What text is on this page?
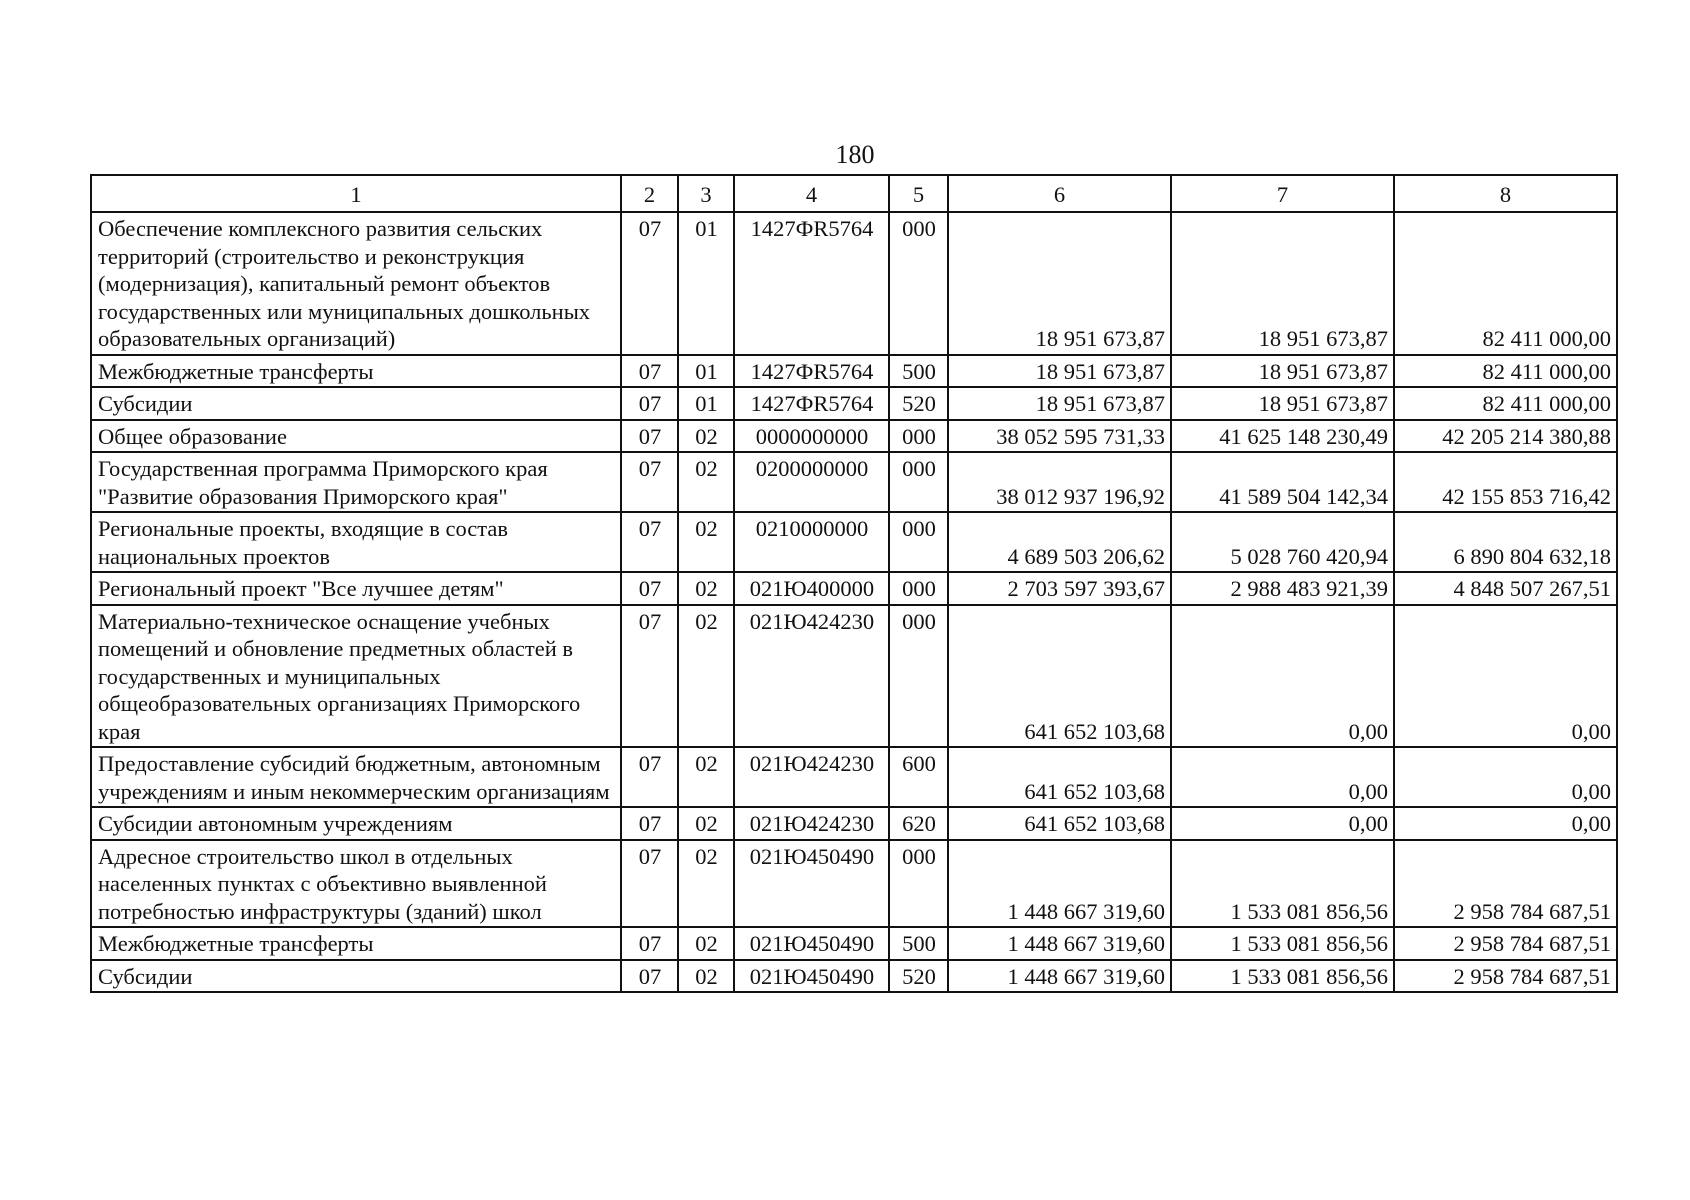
180
1	2	3	4	5	6	7	8
Обеспечение комплексного развития сельских территорий (строительство и реконструкция (модернизация), капитальный ремонт объектов государственных или муниципальных дошкольных образовательных организаций)	07	01	1427ФR5764	000	18 951 673,87	18 951 673,87	82 411 000,00
Межбюджетные трансферты	07	01	1427ФR5764	500	18 951 673,87	18 951 673,87	82 411 000,00
Субсидии	07	01	1427ФR5764	520	18 951 673,87	18 951 673,87	82 411 000,00
Общее образование	07	02	0000000000	000	38 052 595 731,33	41 625 148 230,49	42 205 214 380,88
Государственная программа Приморского края "Развитие образования Приморского края"	07	02	0200000000	000	38 012 937 196,92	41 589 504 142,34	42 155 853 716,42
Региональные проекты, входящие в состав национальных проектов	07	02	0210000000	000	4 689 503 206,62	5 028 760 420,94	6 890 804 632,18
Региональный проект "Все лучшее детям"	07	02	021Ю400000	000	2 703 597 393,67	2 988 483 921,39	4 848 507 267,51
Материально-техническое оснащение учебных помещений и обновление предметных областей в государственных и муниципальных общеобразовательных организациях Приморского края	07	02	021Ю424230	000	641 652 103,68	0,00	0,00
Предоставление субсидий бюджетным, автономным учреждениям и иным некоммерческим организациям	07	02	021Ю424230	600	641 652 103,68	0,00	0,00
Субсидии автономным учреждениям	07	02	021Ю424230	620	641 652 103,68	0,00	0,00
Адресное строительство школ в отдельных населенных пунктах с объективно выявленной потребностью инфраструктуры (зданий) школ	07	02	021Ю450490	000	1 448 667 319,60	1 533 081 856,56	2 958 784 687,51
Межбюджетные трансферты	07	02	021Ю450490	500	1 448 667 319,60	1 533 081 856,56	2 958 784 687,51
Субсидии	07	02	021Ю450490	520	1 448 667 319,60	1 533 081 856,56	2 958 784 687,51
